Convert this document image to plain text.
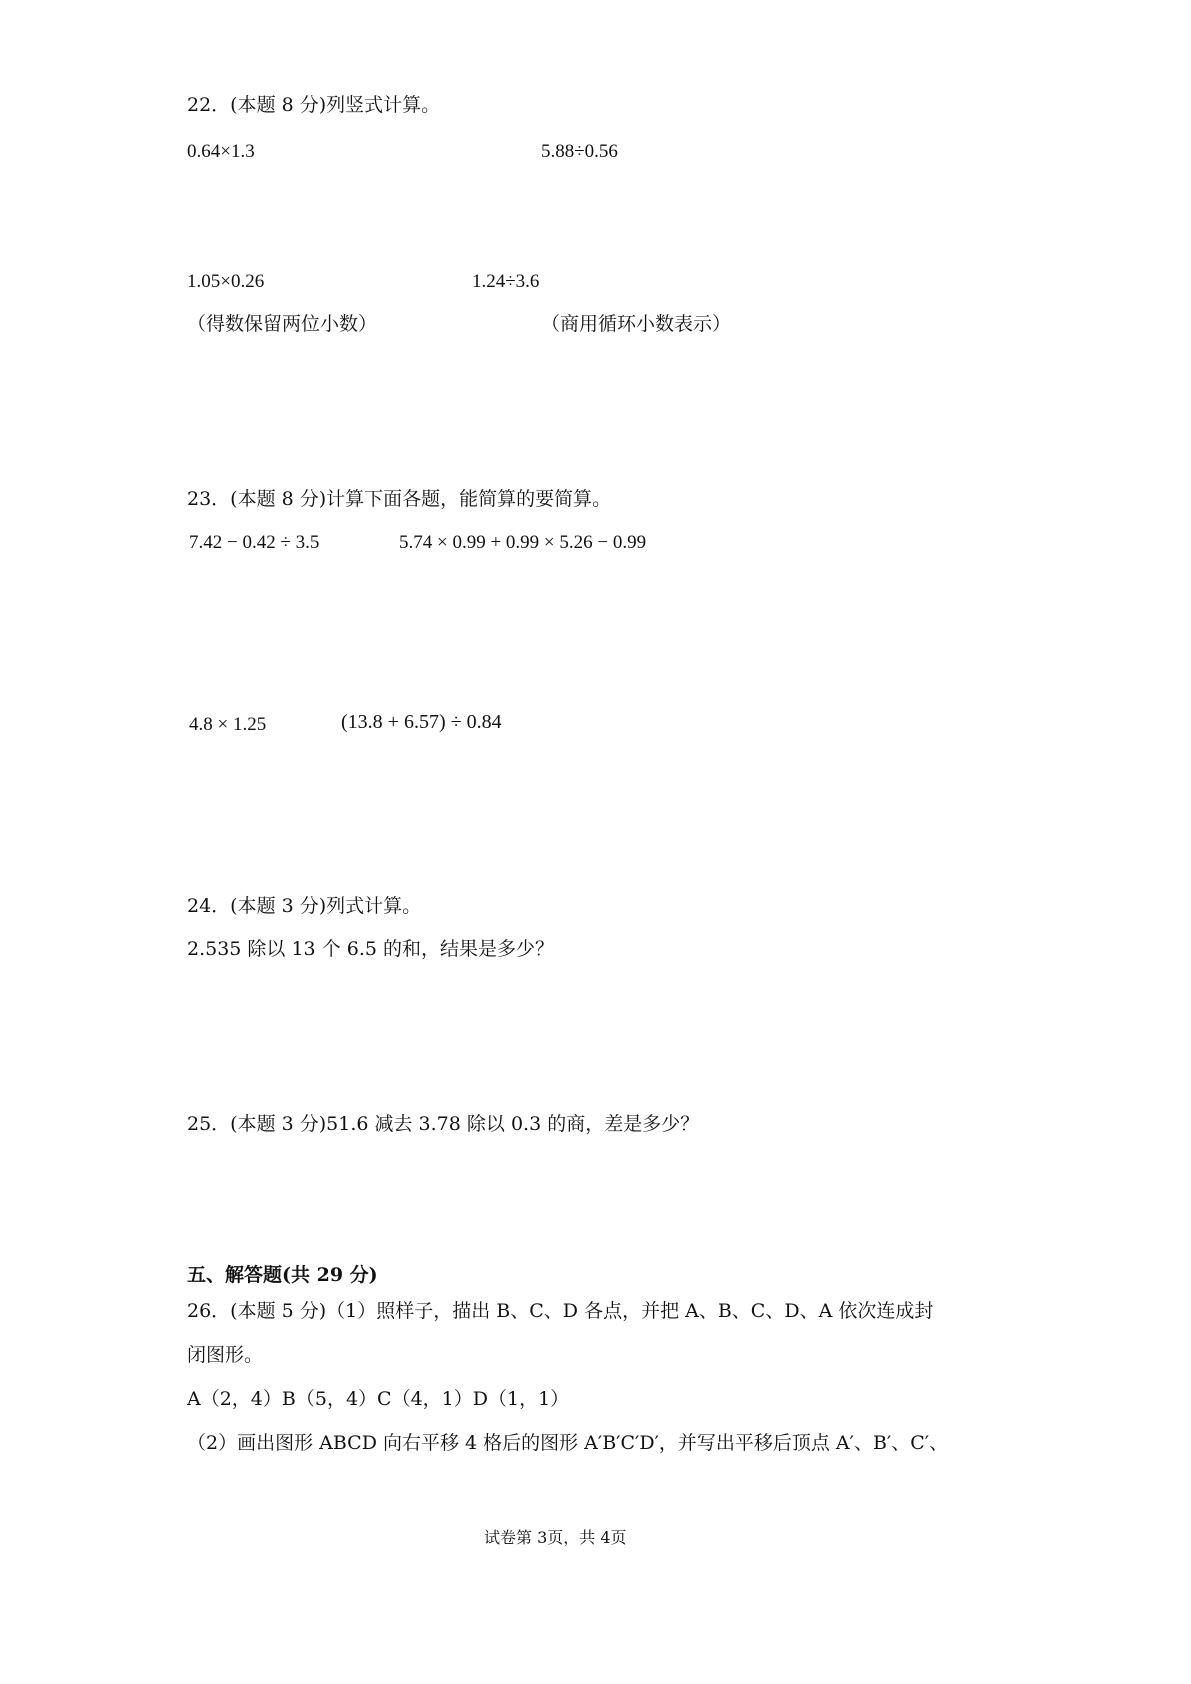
22．(本题 8 分)列竖式计算。
0.64×1.3	5.88÷0.56
1.05×0.26	1.24÷3.6
（得数保留两位小数）	（商用循环小数表示）
23．(本题 8 分)计算下面各题，能简算的要简算。
7.42 − 0.42 ÷ 3.5	5.74 × 0.99 + 0.99 × 5.26 − 0.99
4.8 × 1.25	(13.8 + 6.57) ÷ 0.84
24．(本题 3 分)列式计算。
2.535 除以 13 个 6.5 的和，结果是多少？
25．(本题 3 分)51.6 减去 3.78 除以 0.3 的商，差是多少？
五、解答题(共 29 分)
26．(本题 5 分)（1）照样子，描出 B、C、D 各点，并把 A、B、C、D、A 依次连成封
闭图形。
A（2，4）B（5，4）C（4，1）D（1，1）
（2）画出图形 ABCD 向右平移 4 格后的图形 A′B′C′D′，并写出平移后顶点 A′、B′、C′、
试卷第 3页，共 4页
